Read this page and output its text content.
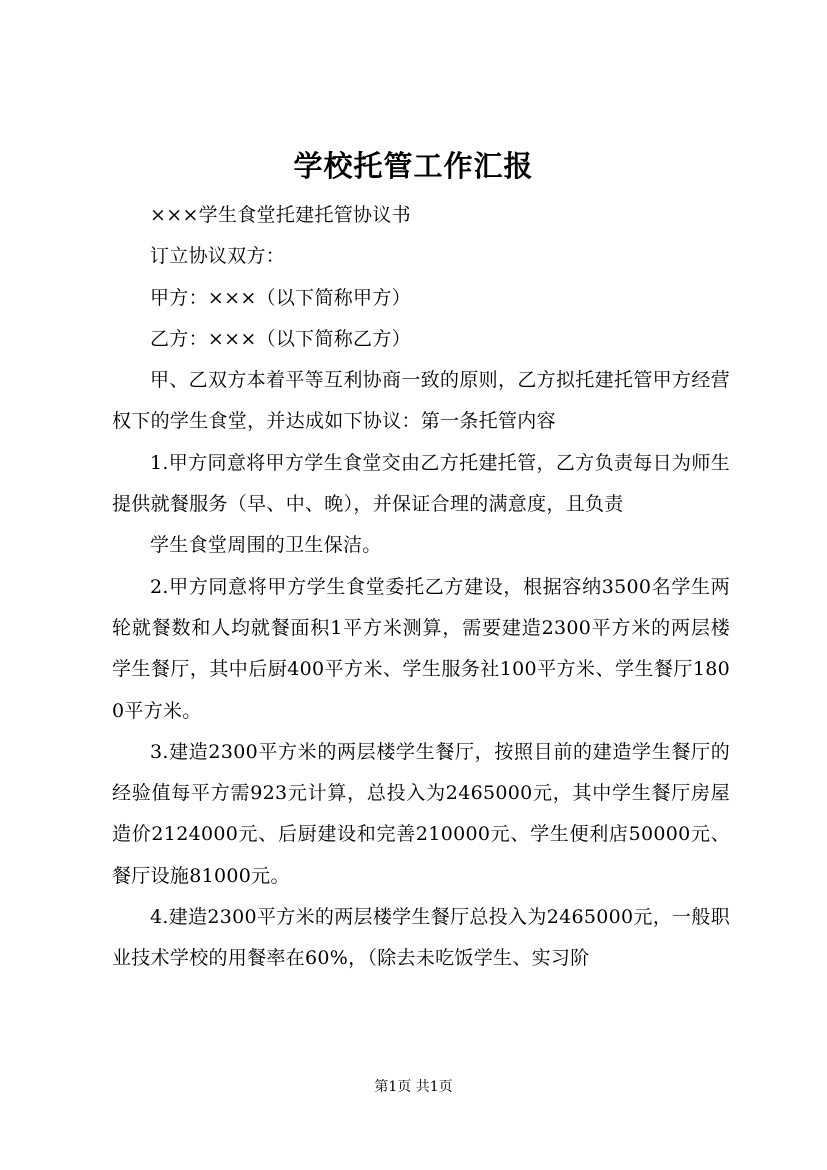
学校托管工作汇报

×××学生食堂托建托管协议书

订立协议双方：

甲方：×××（以下简称甲方）

乙方：×××（以下简称乙方）

甲、乙双方本着平等互利协商一致的原则，乙方拟托建托管甲方经营权下的学生食堂，并达成如下协议：第一条托管内容

1.甲方同意将甲方学生食堂交由乙方托建托管，乙方负责每日为师生提供就餐服务（早、中、晚），并保证合理的满意度，且负责

学生食堂周围的卫生保洁。

2.甲方同意将甲方学生食堂委托乙方建设，根据容纳3500名学生两轮就餐数和人均就餐面积1平方米测算，需要建造2300平方米的两层楼学生餐厅，其中后厨400平方米、学生服务社100平方米、学生餐厅1800平方米。

3.建造2300平方米的两层楼学生餐厅，按照目前的建造学生餐厅的经验值每平方需923元计算，总投入为2465000元，其中学生餐厅房屋造价2124000元、后厨建设和完善210000元、学生便利店50000元、餐厅设施81000元。

4.建造2300平方米的两层楼学生餐厅总投入为2465000元，一般职业技术学校的用餐率在60%，（除去未吃饭学生、实习阶

第1页 共1页
